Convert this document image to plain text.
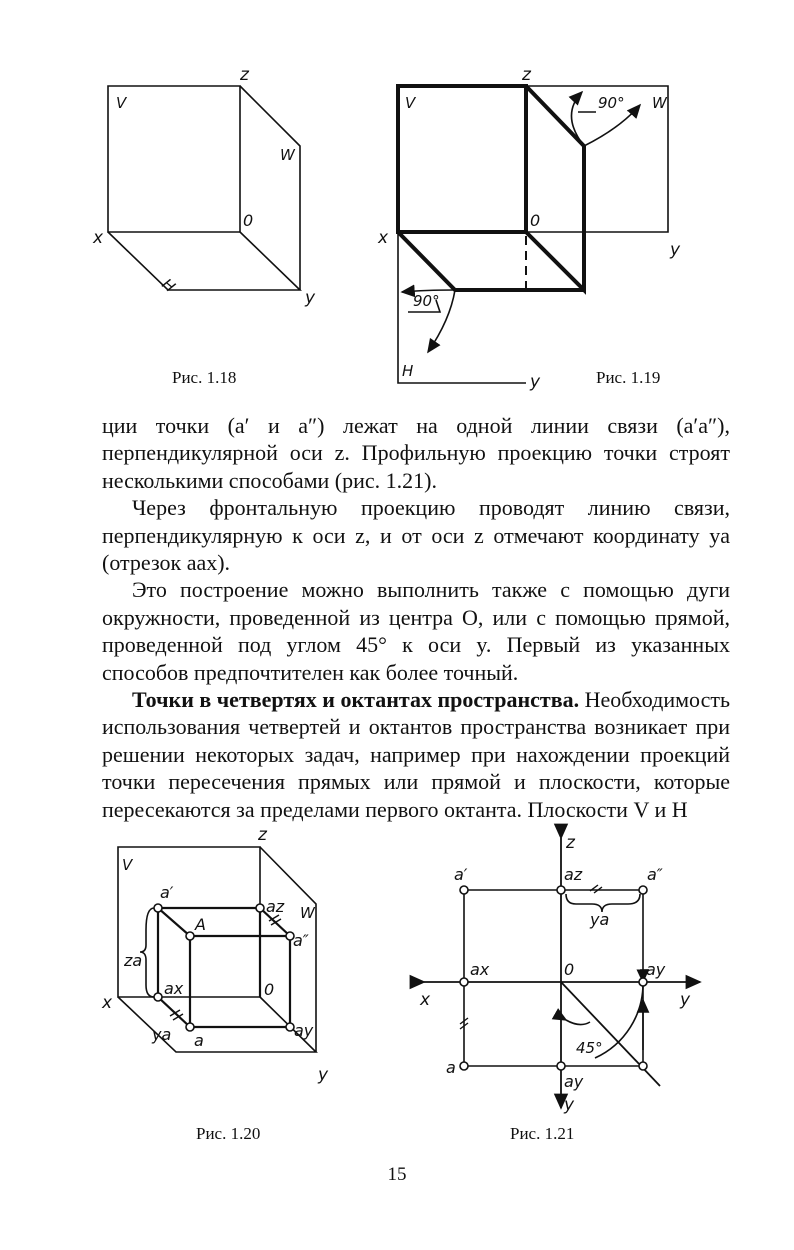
V
W
H
z
x
y
0
Рис. 1.18
V	W
H
z
x
y
y
0
90°
90°
Рис. 1.19
V
W
z
x
y
0
a′
a″
A
az
ax
ay
a
za
ya
Рис. 1.20
z
x	y
y
0
a′	az	a″
ax	ay
a
ay
ya
45°
Рис. 1.21

ции точки (a′ и a″) лежат на одной линии связи (a′a″), перпендикулярной оси z. Профильную проекцию точки строят несколькими способами (рис. 1.21).

Через фронтальную проекцию проводят линию связи, перпендикулярную к оси z, и от оси z отмечают координату ya (отрезок aax).

Это построение можно выполнить также с помощью дуги окружности, проведенной из центра O, или с помощью прямой, проведенной под углом 45° к оси y. Первый из указанных способов предпочтителен как более точный.

Точки в четвертях и октантах пространства. Необходимость использования четвертей и октантов пространства возникает при решении некоторых задач, например при нахождении проекций точки пересечения прямых или прямой и плоскости, которые пересекаются за пределами первого октанта. Плоскости V и H

15
